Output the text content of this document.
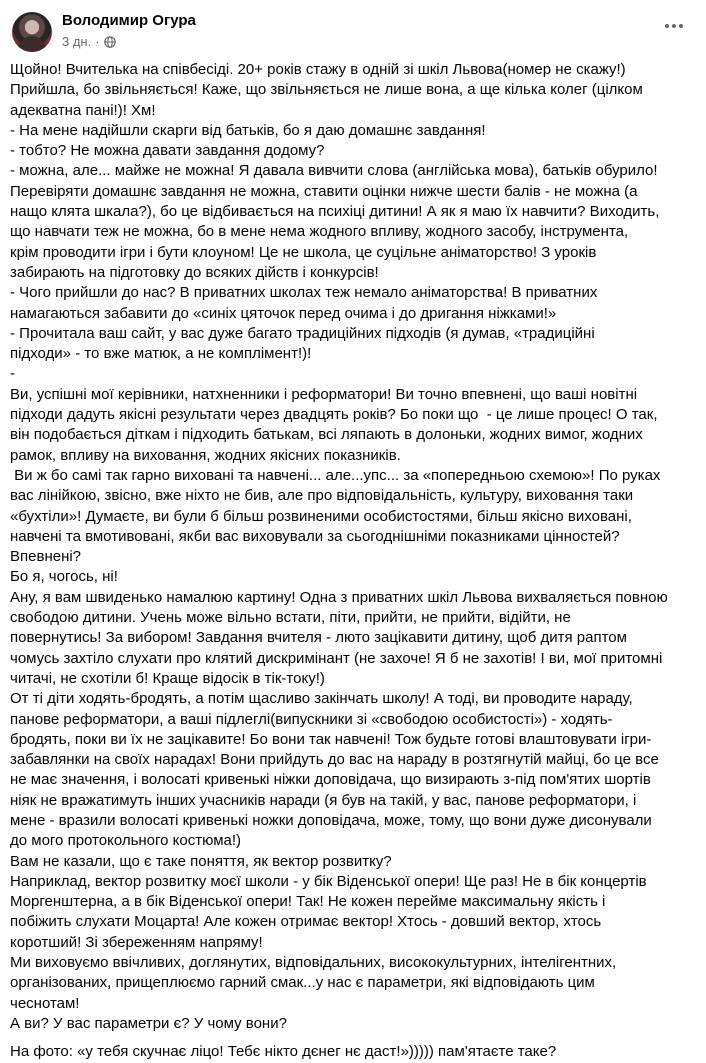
Володимир Огура
3 дн. ·

Щойно! Вчителька на співбесіді. 20+ років стажу в одній зі шкіл Львова(номер не скажу!)
Прийшла, бо звільняється! Каже, що звільняється не лише вона, а ще кілька колег (цілком
адекватна пані!)! Хм!
- На мене надійшли скарги від батьків, бо я даю домашнє завдання!
- тобто? Не можна давати завдання додому?
- можна, але... майже не можна! Я давала вивчити слова (англійська мова), батьків обурило!
Перевіряти домашнє завдання не можна, ставити оцінки нижче шести балів - не можна (а
нащо клята шкала?), бо це відбивається на психіці дитини! А як я маю їх навчити? Виходить,
що навчати теж не можна, бо в мене нема жодного впливу, жодного засобу, інструмента,
крім проводити ігри і бути клоуном! Це не школа, це суцільне аніматорство! З уроків
забирають на підготовку до всяких дійств і конкурсів!
- Чого прийшли до нас? В приватних школах теж немало аніматорства! В приватних
намагаються забавити до «синіх цяточок перед очима і до дригання ніжками!»
- Прочитала ваш сайт, у вас дуже багато традиційних підходів (я думав, «традиційні
підходи» - то вже матюк, а не комплімент!)!
-
Ви, успішні мої керівники, натхненники і реформатори! Ви точно впевнені, що ваші новітні
підходи дадуть якісні результати через двадцять років? Бо поки що  - це лише процес! О так,
він подобається діткам і підходить батькам, всі ляпають в долоньки, жодних вимог, жодних
рамок, впливу на виховання, жодних якісних показників.
Ви ж бо самі так гарно виховані та навчені... але...упс... за «попередньою схемою»! По руках
вас лінійкою, звісно, вже ніхто не бив, але про відповідальність, культуру, виховання таки
«бухтіли»! Думаєте, ви були б більш розвиненими особистостями, більш якісно виховані,
навчені та вмотивовані, якби вас виховували за сьогоднішніми показниками цінностей?
Впевнені?
Бо я, чогось, ні!
Ану, я вам швиденько намалюю картину! Одна з приватних шкіл Львова вихваляється повною
свободою дитини. Учень може вільно встати, піти, прийти, не прийти, відійти, не
повернутись! За вибором! Завдання вчителя - люто зацікавити дитину, щоб дитя раптом
чомусь захтіло слухати про клятий дискримінант (не захоче! Я б не захотів! І ви, мої притомні
читачі, не схотіли б! Краще відосік в тік-току!)
От ті діти ходять-бродять, а потім щасливо закінчать школу! А тоді, ви проводите нараду,
панове реформатори, а ваші підлеглі(випускники зі «свободою особистості») - ходять-
бродять, поки ви їх не зацікавите! Бо вони так навчені! Тож будьте готові влаштовувати ігри-
забавлянки на своїх нарадах! Вони прийдуть до вас на нараду в розтягнутій майці, бо це все
не має значення, і волосаті кривенькі ніжки доповідача, що визирають з-під пом'ятих шортів
ніяк не вражатимуть інших учасників наради (я був на такій, у вас, панове реформатори, і
мене - вразили волосаті кривенькі ножки доповідача, може, тому, що вони дуже дисонували
до мого протокольного костюма!)
Вам не казали, що є таке поняття, як вектор розвитку?
Наприклад, вектор розвитку моєї школи - у бік Віденської опери! Ще раз! Не в бік концертів
Моргенштерна, а в бік Віденської опери! Так! Не кожен перейме максимальну якість і
побіжить слухати Моцарта! Але кожен отримає вектор! Хтось - довший вектор, хтось
коротший! Зі збереженням напряму!
Ми виховуємо ввічливих, доглянутих, відповідальних, висококультурних, інтелігентних,
організованих, прищеплюємо гарний смак...у нас є параметри, які відповідають цим
чеснотам!
А ви? У вас параметри є? У чому вони?

На фото: «у тебя скучнає ліцо! Тебє нікто дєнег нє даст!»))))) пам'ятаєте таке?
